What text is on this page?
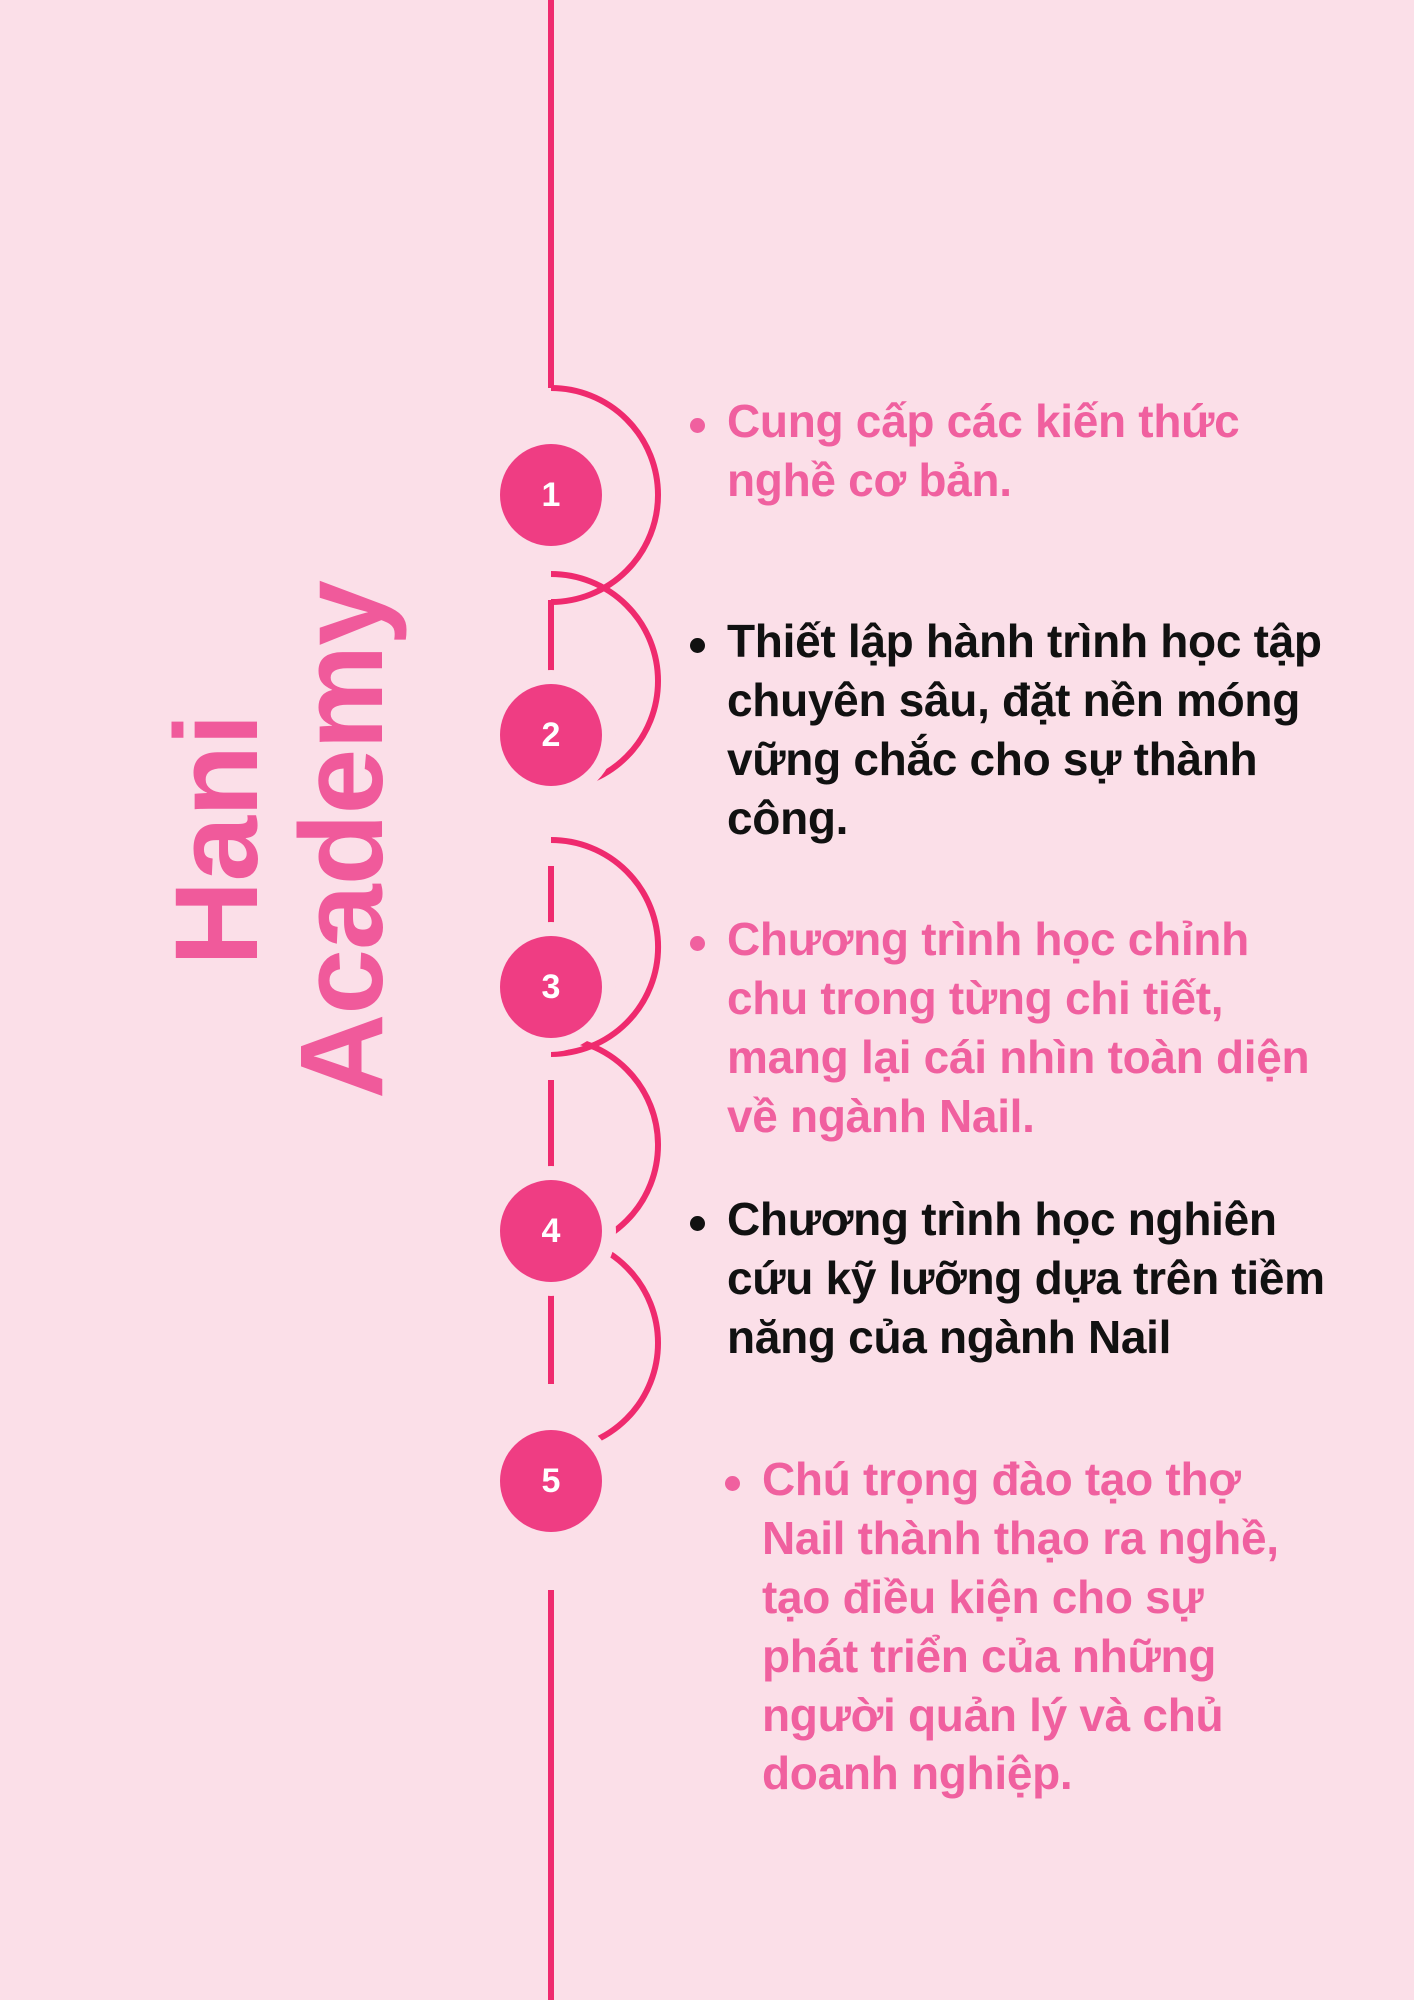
Hani
Academy
1
2
3
4
5
Cung cấp các kiến thức nghề cơ bản.
Thiết lập hành trình học tập chuyên sâu, đặt nền móng vững chắc cho sự thành công.
Chương trình học chỉnh chu trong từng chi tiết, mang lại cái nhìn toàn diện về ngành Nail.
Chương trình học nghiên cứu kỹ lưỡng dựa trên tiềm năng của ngành Nail
Chú trọng đào tạo thợ Nail thành thạo ra nghề, tạo điều kiện cho sự phát triển của những người quản lý và chủ doanh nghiệp.
